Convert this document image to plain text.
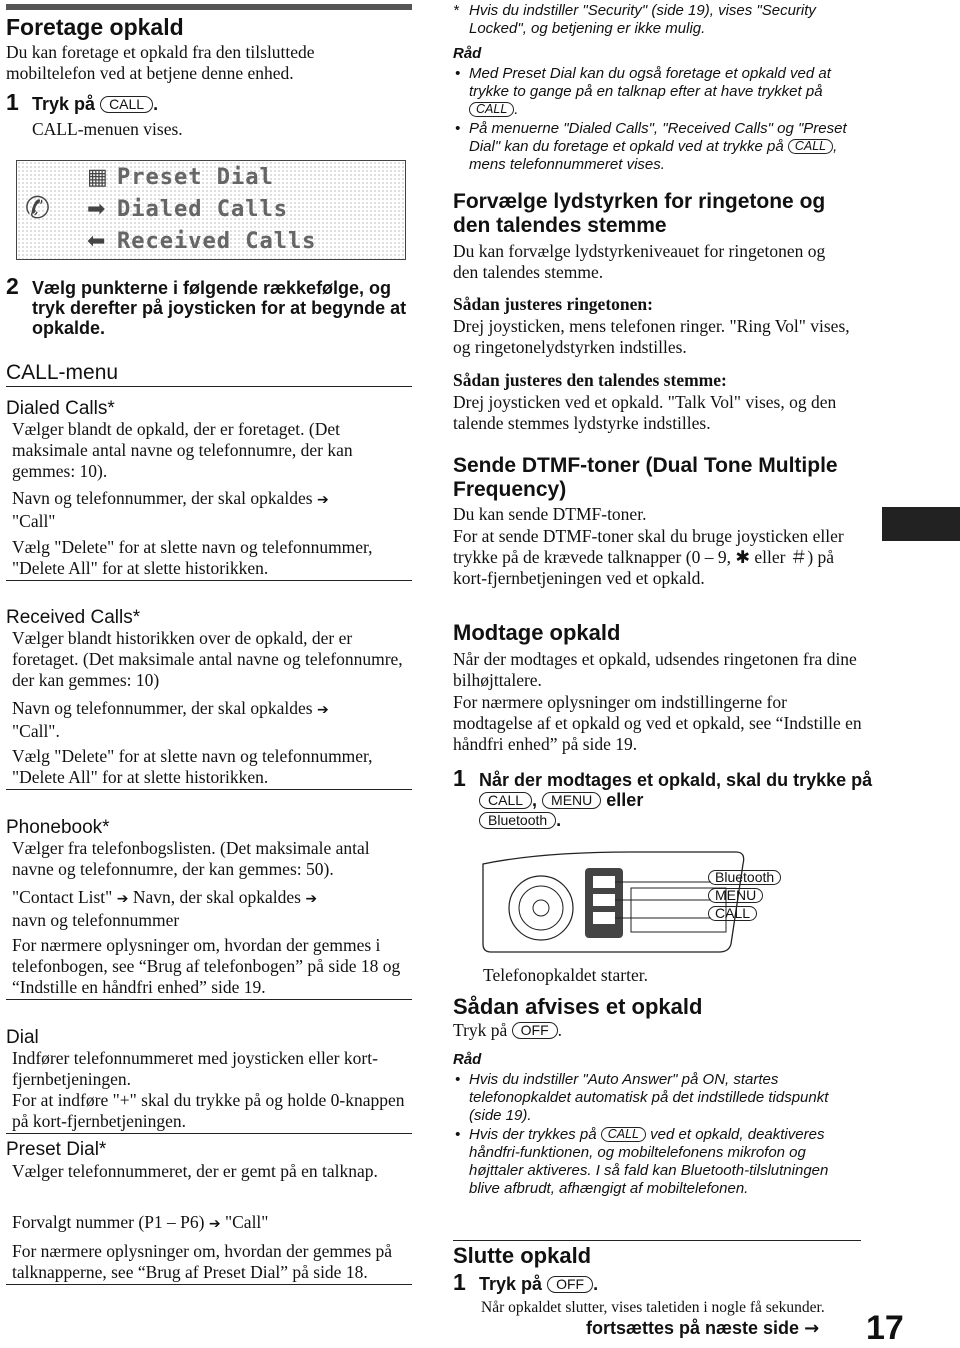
Foretage opkald
Du kan foretage et opkald fra den tilsluttede mobiltelefon ved at betjene denne enhed.
1 Tryk på CALL .
CALL-menuen vises.
▦ Preset Dial
➡ Dialed Calls
⬅ Received Calls
✆
2 Vælg punkterne i følgende rækkefølge, og tryk derefter på joysticken for at begynde at opkalde.
CALL-menu
Dialed Calls*
Vælger blandt de opkald, der er foretaget. (Det maksimale antal navne og telefonnumre, der kan gemmes: 10).
Navn og telefonnummer, der skal opkaldes ➔
"Call"
Vælg "Delete" for at slette navn og telefonnummer, "Delete All" for at slette historikken.
Received Calls*
Vælger blandt historikken over de opkald, der er foretaget. (Det maksimale antal navne og telefonnumre, der kan gemmes: 10)
Navn og telefonnummer, der skal opkaldes ➔
"Call".
Vælg "Delete" for at slette navn og telefonnummer, "Delete All" for at slette historikken.
Phonebook*
Vælger fra telefonbogslisten. (Det maksimale antal navne og telefonnumre, der kan gemmes: 50).
"Contact List" ➔ Navn, der skal opkaldes ➔
navn og telefonnummer
For nærmere oplysninger om, hvordan der gemmes i telefonbogen, see “Brug af telefonbogen” på side 18 og “Indstille en håndfri enhed” side 19.
Dial
Indfører telefonnummeret med joysticken eller kort-fjernbetjeningen.
For at indføre "+" skal du trykke på og holde 0-knappen på kort-fjernbetjeningen.
Preset Dial*
Vælger telefonnummeret, der er gemt på en talknap.
Forvalgt nummer (P1 – P6) ➔ "Call"
For nærmere oplysninger om, hvordan der gemmes på talknapperne, see “Brug af Preset Dial” på side 18.
* Hvis du indstiller "Security" (side 19), vises "Security Locked", og betjening er ikke mulig.
Råd
• Med Preset Dial kan du også foretage et opkald ved at trykke to gange på en talknap efter at have trykket på CALL .
• På menuerne "Dialed Calls", "Received Calls" og "Preset Dial" kan du foretage et opkald ved at trykke på CALL , mens telefonnummeret vises.
Forvælge lydstyrken for ringetone og den talendes stemme
Du kan forvælge lydstyrkeniveauet for ringetonen og den talendes stemme.
Sådan justeres ringetonen:
Drej joysticken, mens telefonen ringer. "Ring Vol" vises, og ringetonelydstyrken indstilles.
Sådan justeres den talendes stemme:
Drej joysticken ved et opkald. "Talk Vol" vises, og den talende stemmes lydstyrke indstilles.
Sende DTMF-toner (Dual Tone Multiple Frequency)
Du kan sende DTMF-toner.
For at sende DTMF-toner skal du bruge joysticken eller trykke på de krævede talknapper (0 – 9, ✱ eller ＃) på kort-fjernbetjeningen ved et opkald.
Modtage opkald
Når der modtages et opkald, udsendes ringetonen fra dine bilhøjttalere.
For nærmere oplysninger om indstillingerne for modtagelse af et opkald og ved et opkald, see “Indstille en håndfri enhed” på side 19.
1 Når der modtages et opkald, skal du trykke på CALL , MENU eller
Bluetooth .
Bluetooth
MENU
CALL
Telefonopkaldet starter.
Sådan afvises et opkald
Tryk på OFF .
Råd
• Hvis du indstiller "Auto Answer" på ON, startes telefonopkaldet automatisk på det indstillede tidspunkt (side 19).
• Hvis der trykkes på CALL ved et opkald, deaktiveres håndfri-funktionen, og mobiltelefonens mikrofon og højttaler aktiveres. I så fald kan Bluetooth-tilslutningen blive afbrudt, afhængigt af mobiltelefonen.
Slutte opkald
1 Tryk på OFF .
Når opkaldet slutter, vises taletiden i nogle få sekunder.
fortsættes på næste side → 17
